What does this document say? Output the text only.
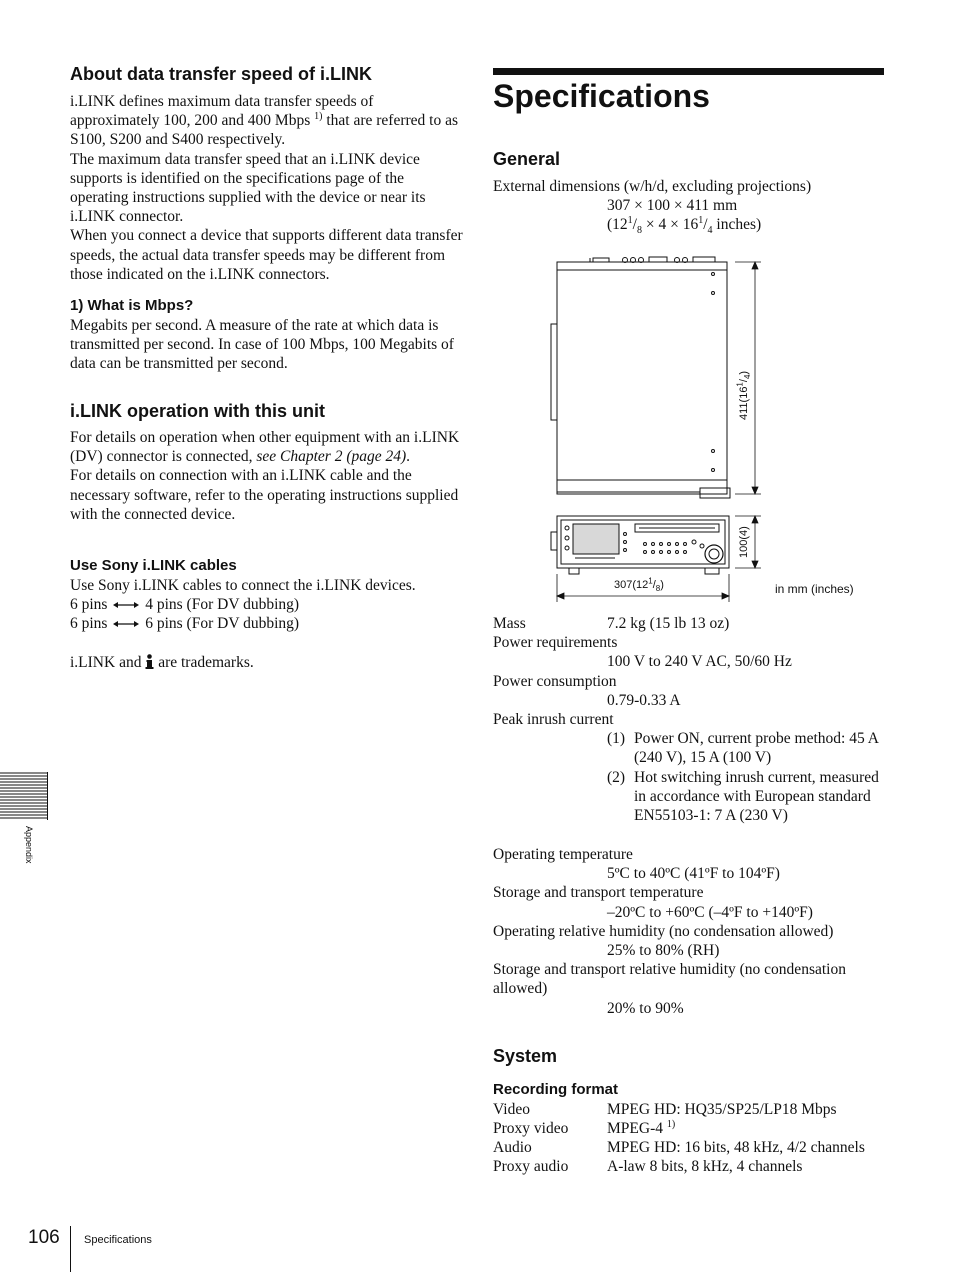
About data transfer speed of i.LINK

i.LINK defines maximum data transfer speeds of approximately 100, 200 and 400 Mbps $^{1)}$ that are referred to as S100, S200 and S400 respectively.

The maximum data transfer speed that an i.LINK device supports is identified on the specifications page of the operating instructions supplied with the device or near its i.LINK connector.

When you connect a device that supports different data transfer speeds, the actual data transfer speeds may be different from those indicated on the i.LINK connectors.

1) What is Mbps?
Megabits per second. A measure of the rate at which data is transmitted per second. In case of 100 Mbps, 100 Megabits of data can be transmitted per second.
i.LINK operation with this unit

For details on operation when other equipment with an i.LINK (DV) connector is connected, see Chapter 2 (page 24).

For details on connection with an i.LINK cable and the necessary software, refer to the operating instructions supplied with the connected device.

Use Sony i.LINK cables
Use Sony i.LINK cables to connect the i.LINK devices.
6 pins 4 pins (For DV dubbing)
6 pins 6 pins (For DV dubbing)
i.LINK and are trademarks.
Specifications
General
External dimensions (w/h/d, excluding projections)
307 × 100 × 411 mm
($12^1/_8 \times 4 \times 16^1/_4$ inches)
$411(16^1/_4)$
100(4)
$307(12^1/_8)$	in mm (inches)
Mass	7.2 kg (15 lb 13 oz)
Power requirements
100 V to 240 V AC, 50/60 Hz
Power consumption
0.79-0.33 A
Peak inrush current
(1) Power ON, current probe method: 45 A (240 V), 15 A (100 V)
(2) Hot switching inrush current, measured in accordance with European standard EN55103-1: 7 A (230 V)
Operating temperature
5ºC to 40ºC (41ºF to 104ºF)
Storage and transport temperature
–20ºC to +60ºC (–4ºF to +140ºF)
Operating relative humidity (no condensation allowed)
25% to 80% (RH)
Storage and transport relative humidity (no condensation allowed)
20% to 90%
System
Recording format
Video	MPEG HD: HQ35/SP25/LP18 Mbps
Proxy video	MPEG-4 $^{1)}$
Audio	MPEG HD: 16 bits, 48 kHz, 4/2 channels
Proxy audio	A-law 8 bits, 8 kHz, 4 channels
Appendix
106 Specifications
